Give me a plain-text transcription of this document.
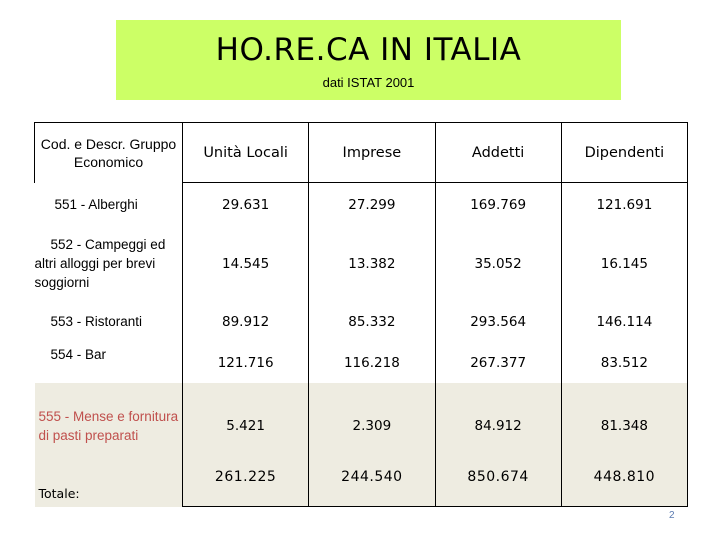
HO.RE.CA IN ITALIA
dati ISTAT 2001
Cod. e Descr. Gruppo Economico	Unità Locali	Imprese	Addetti	Dipendenti
551 - Alberghi	29.631	27.299	169.769	121.691

552 - Campeggi ed altri alloggi per brevi soggiorni	14.545	13.382	35.052	16.145
553 - Ristoranti	89.912	85.332	293.564	146.114
554 - Bar	121.716	116.218	267.377	83.512
555 - Mense e fornitura di pasti preparati	5.421	2.309	84.912	81.348
Totale:	261.225	244.540	850.674	448.810
2
